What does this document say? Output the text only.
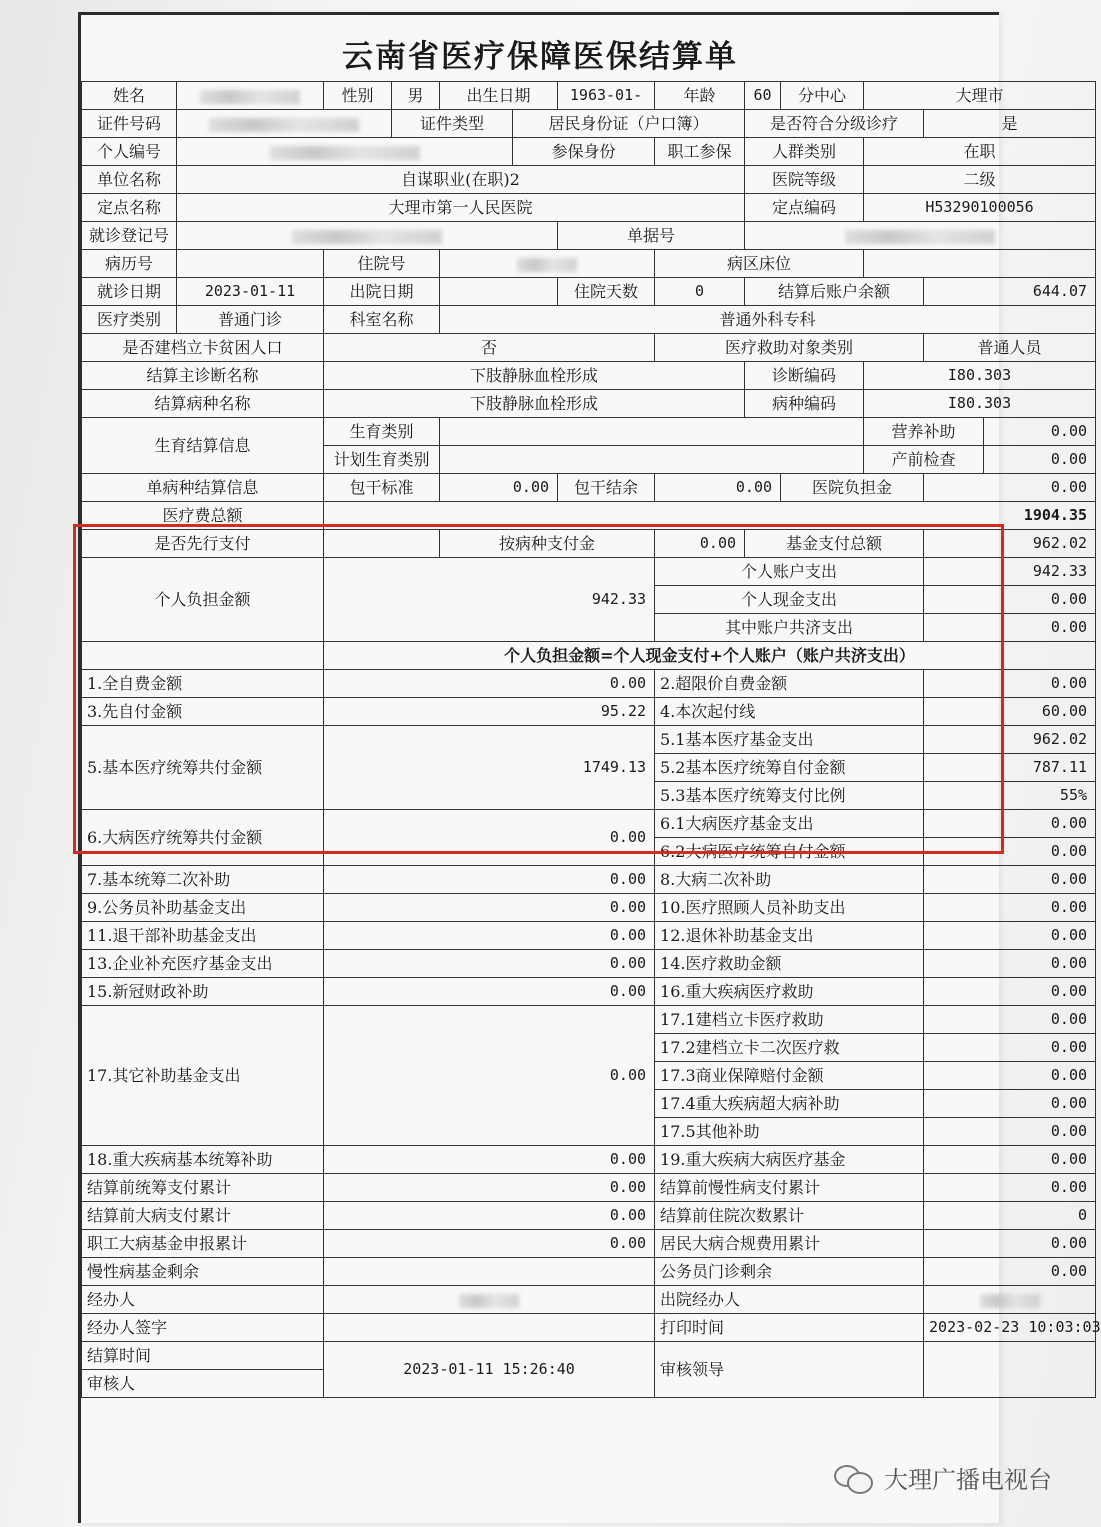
云南省医疗保障医保结算单
姓名		性别	男	出生日期		1963-01-	年龄	60	分中心	大理市		
证件号码			证件类型		居民身份证（户口簿）			是否符合分级诊疗			是	
个人编号					参保身份		职工参保	人群类别		在职		
单位名称	自谋职业(在职)2							医院等级		二级		
定点名称	大理市第一人民医院							定点编码		H53290100056		
就诊登记号						单据号						
病历号		住院号					病区床位					
就诊日期	2023-01-11	出院日期				住院天数	0	结算后账户余额			644.07	
医疗类别	普通门诊	科室名称		普通外科专科								
是否建档立卡贫困人口		否					医疗救助对象类别				普通人员	
结算主诊断名称		下肢静脉血栓形成						诊断编码		I80.303		
结算病种名称		下肢静脉血栓形成						病种编码		I80.303		
生育结算信息		生育类别								营养补助		0.00
		计划生育类别								产前检查		0.00
单病种结算信息		包干标准		0.00		包干结余	0.00		医院负担金		0.00	
医疗费总额		1904.35										
是否先行支付				按病种支付金			0.00	基金支付总额			962.02	
个人负担金额		942.33					个人账户支出				942.33	
							个人现金支出				0.00	
							其中账户共济支出				0.00	
		个人负担金额=个人现金支付+个人账户（账户共济支出）										
1.全自费金额		0.00					2.超限价自费金额				0.00	
3.先自付金额		95.22					4.本次起付线				60.00	
5.基本医疗统筹共付金额		1749.13					5.1基本医疗基金支出				962.02	
							5.2基本医疗统筹自付金额				787.11	
							5.3基本医疗统筹支付比例				55%	
6.大病医疗统筹共付金额		0.00					6.1大病医疗基金支出				0.00	
							6.2大病医疗统筹自付金额				0.00	
7.基本统筹二次补助		0.00					8.大病二次补助				0.00	
9.公务员补助基金支出		0.00					10.医疗照顾人员补助支出				0.00	
11.退干部补助基金支出		0.00					12.退休补助基金支出				0.00	
13.企业补充医疗基金支出		0.00					14.医疗救助金额				0.00	
15.新冠财政补助		0.00					16.重大疾病医疗救助				0.00	
17.其它补助基金支出		0.00					17.1建档立卡医疗救助				0.00	
							17.2建档立卡二次医疗救				0.00	
							17.3商业保障赔付金额				0.00	
							17.4重大疾病超大病补助				0.00	
							17.5其他补助				0.00	
18.重大疾病基本统筹补助		0.00					19.重大疾病大病医疗基金				0.00	
结算前统筹支付累计		0.00					结算前慢性病支付累计				0.00	
结算前大病支付累计		0.00					结算前住院次数累计				0	
职工大病基金申报累计		0.00					居民大病合规费用累计				0.00	
慢性病基金剩余							公务员门诊剩余				0.00	
经办人							出院经办人					
经办人签字							打印时间				2023-02-23 10:03:03	
结算时间		2023-01-11 15:26:40					审核领导					
审核人												
大理广播电视台
